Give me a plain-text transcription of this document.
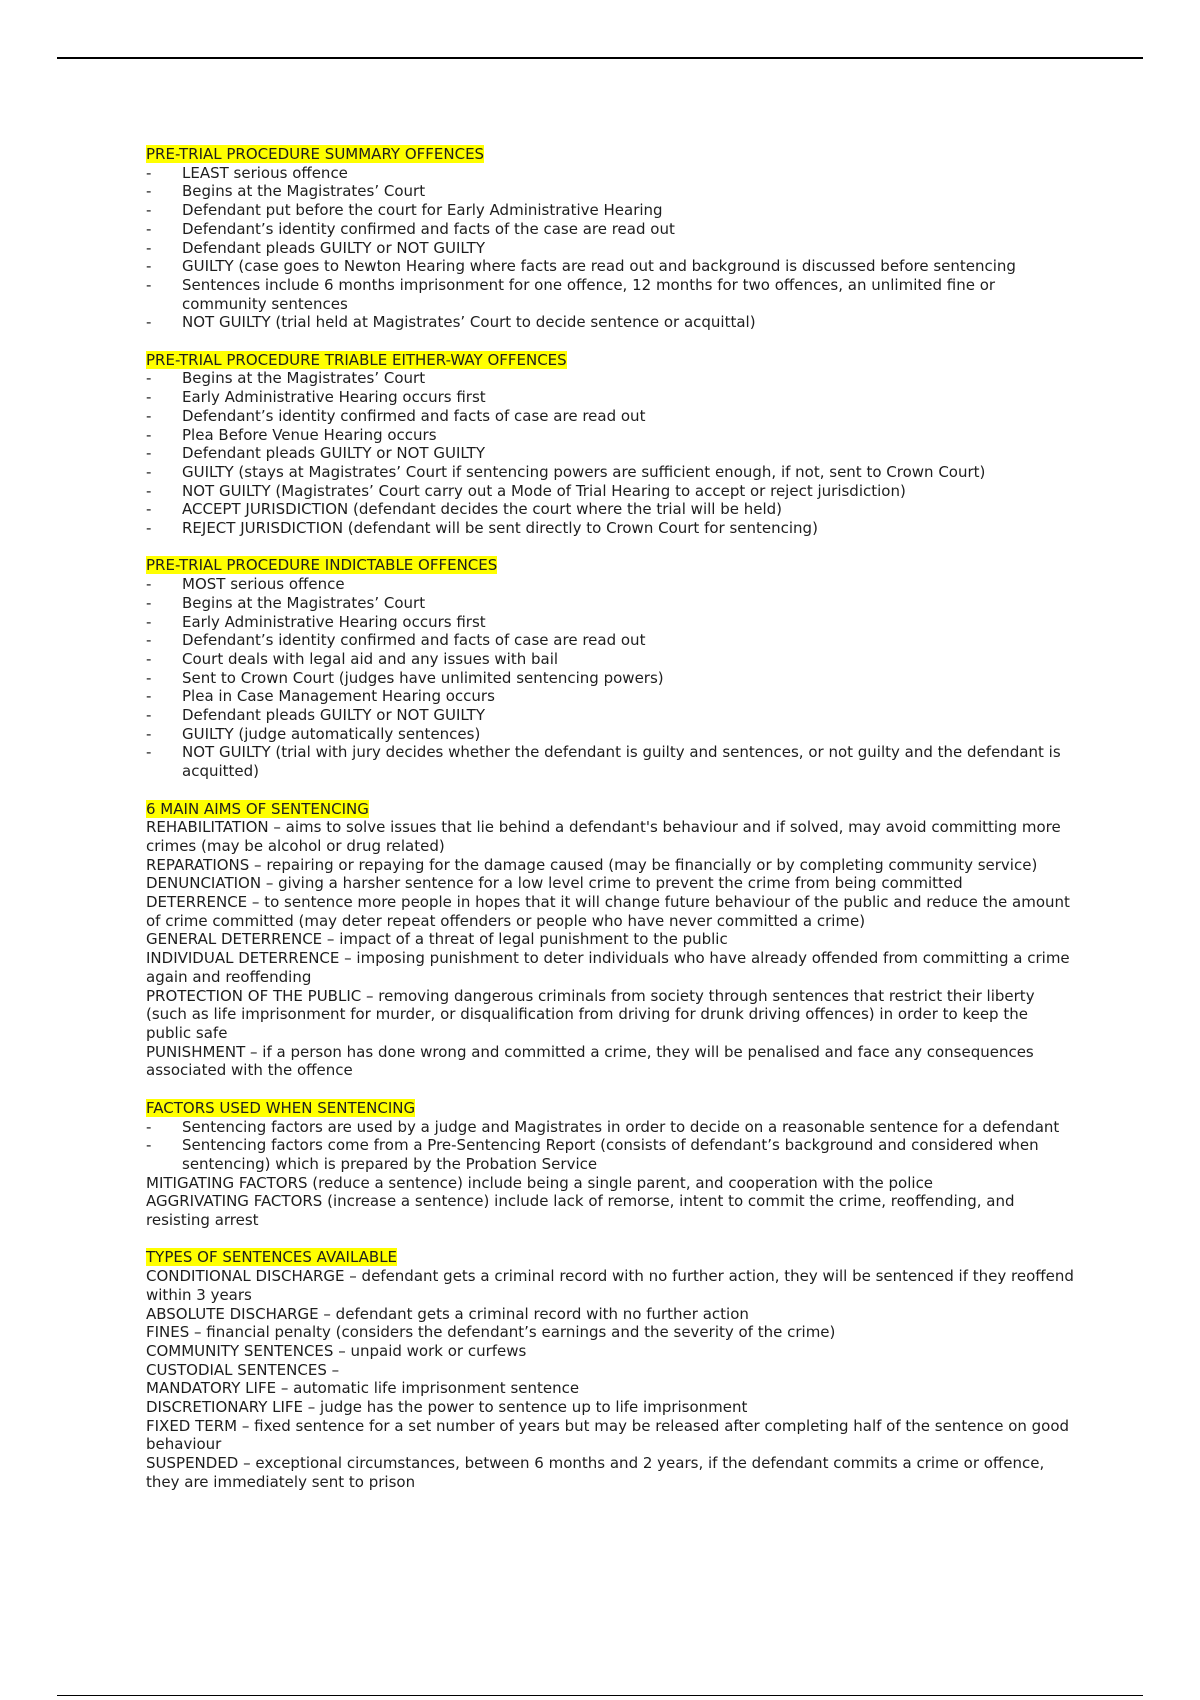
PRE-TRIAL PROCEDURE SUMMARY OFFENCES
- LEAST serious offence
- Begins at the Magistrates’ Court
- Defendant put before the court for Early Administrative Hearing
- Defendant’s identity confirmed and facts of the case are read out
- Defendant pleads GUILTY or NOT GUILTY
- GUILTY (case goes to Newton Hearing where facts are read out and background is discussed before sentencing
- Sentences include 6 months imprisonment for one offence, 12 months for two offences, an unlimited fine or community sentences
- NOT GUILTY (trial held at Magistrates’ Court to decide sentence or acquittal)
PRE-TRIAL PROCEDURE TRIABLE EITHER-WAY OFFENCES
- Begins at the Magistrates’ Court
- Early Administrative Hearing occurs first
- Defendant’s identity confirmed and facts of case are read out
- Plea Before Venue Hearing occurs
- Defendant pleads GUILTY or NOT GUILTY
- GUILTY (stays at Magistrates’ Court if sentencing powers are sufficient enough, if not, sent to Crown Court)
- NOT GUILTY (Magistrates’ Court carry out a Mode of Trial Hearing to accept or reject jurisdiction)
- ACCEPT JURISDICTION (defendant decides the court where the trial will be held)
- REJECT JURISDICTION (defendant will be sent directly to Crown Court for sentencing)
PRE-TRIAL PROCEDURE INDICTABLE OFFENCES
- MOST serious offence
- Begins at the Magistrates’ Court
- Early Administrative Hearing occurs first
- Defendant’s identity confirmed and facts of case are read out
- Court deals with legal aid and any issues with bail
- Sent to Crown Court (judges have unlimited sentencing powers)
- Plea in Case Management Hearing occurs
- Defendant pleads GUILTY or NOT GUILTY
- GUILTY (judge automatically sentences)
- NOT GUILTY (trial with jury decides whether the defendant is guilty and sentences, or not guilty and the defendant is acquitted)
6 MAIN AIMS OF SENTENCING

REHABILITATION – aims to solve issues that lie behind a defendant's behaviour and if solved, may avoid committing more crimes (may be alcohol or drug related)

REPARATIONS – repairing or repaying for the damage caused (may be financially or by completing community service)

DENUNCIATION – giving a harsher sentence for a low level crime to prevent the crime from being committed

DETERRENCE – to sentence more people in hopes that it will change future behaviour of the public and reduce the amount of crime committed (may deter repeat offenders or people who have never committed a crime)

GENERAL DETERRENCE – impact of a threat of legal punishment to the public

INDIVIDUAL DETERRENCE – imposing punishment to deter individuals who have already offended from committing a crime again and reoffending

PROTECTION OF THE PUBLIC – removing dangerous criminals from society through sentences that restrict their liberty (such as life imprisonment for murder, or disqualification from driving for drunk driving offences) in order to keep the public safe

PUNISHMENT – if a person has done wrong and committed a crime, they will be penalised and face any consequences associated with the offence

FACTORS USED WHEN SENTENCING
- Sentencing factors are used by a judge and Magistrates in order to decide on a reasonable sentence for a defendant
- Sentencing factors come from a Pre-Sentencing Report (consists of defendant’s background and considered when sentencing) which is prepared by the Probation Service

MITIGATING FACTORS (reduce a sentence) include being a single parent, and cooperation with the police

AGGRIVATING FACTORS (increase a sentence) include lack of remorse, intent to commit the crime, reoffending, and resisting arrest

TYPES OF SENTENCES AVAILABLE

CONDITIONAL DISCHARGE – defendant gets a criminal record with no further action, they will be sentenced if they reoffend within 3 years

ABSOLUTE DISCHARGE – defendant gets a criminal record with no further action

FINES – financial penalty (considers the defendant’s earnings and the severity of the crime)

COMMUNITY SENTENCES – unpaid work or curfews

CUSTODIAL SENTENCES –

MANDATORY LIFE – automatic life imprisonment sentence

DISCRETIONARY LIFE – judge has the power to sentence up to life imprisonment

FIXED TERM – fixed sentence for a set number of years but may be released after completing half of the sentence on good behaviour

SUSPENDED – exceptional circumstances, between 6 months and 2 years, if the defendant commits a crime or offence, they are immediately sent to prison
